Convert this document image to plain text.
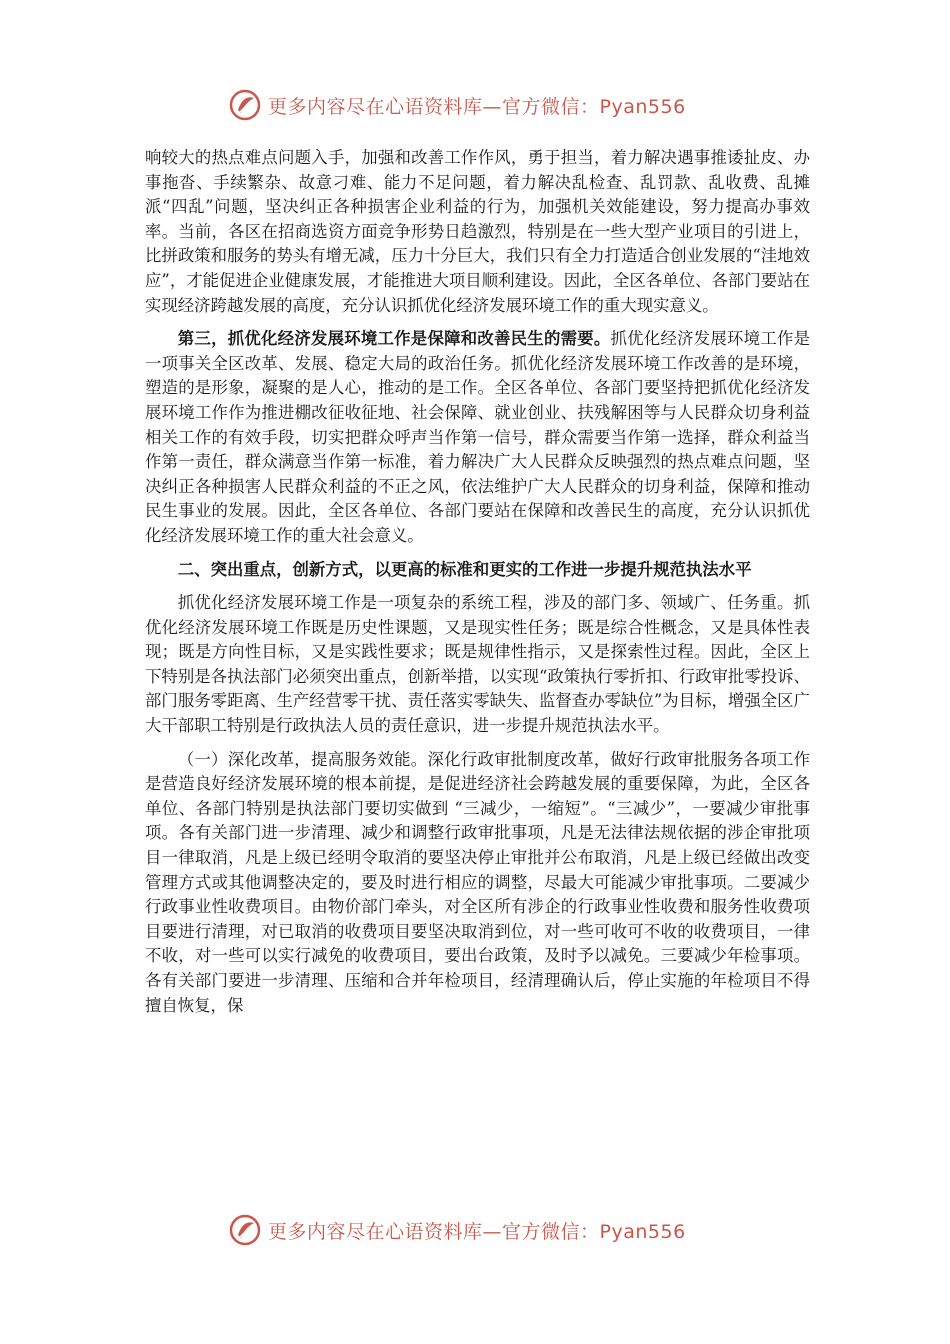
更多内容尽在心语资料库—官方微信：Pyan556

响较大的热点难点问题入手，加强和改善工作作风，勇于担当，着力解决遇事推诿扯皮、办事拖沓、手续繁杂、故意刁难、能力不足问题，着力解决乱检查、乱罚款、乱收费、乱摊派“四乱”问题，坚决纠正各种损害企业利益的行为，加强机关效能建设，努力提高办事效率。当前，各区在招商选资方面竞争形势日趋激烈，特别是在一些大型产业项目的引进上，比拼政策和服务的势头有增无减，压力十分巨大，我们只有全力打造适合创业发展的“洼地效应”，才能促进企业健康发展，才能推进大项目顺利建设。因此，全区各单位、各部门要站在实现经济跨越发展的高度，充分认识抓优化经济发展环境工作的重大现实意义。

第三，抓优化经济发展环境工作是保障和改善民生的需要。抓优化经济发展环境工作是一项事关全区改革、发展、稳定大局的政治任务。抓优化经济发展环境工作改善的是环境，塑造的是形象，凝聚的是人心，推动的是工作。全区各单位、各部门要坚持把抓优化经济发展环境工作作为推进棚改征收征地、社会保障、就业创业、扶残解困等与人民群众切身利益相关工作的有效手段，切实把群众呼声当作第一信号，群众需要当作第一选择，群众利益当作第一责任，群众满意当作第一标准，着力解决广大人民群众反映强烈的热点难点问题，坚决纠正各种损害人民群众利益的不正之风，依法维护广大人民群众的切身利益，保障和推动民生事业的发展。因此，全区各单位、各部门要站在保障和改善民生的高度，充分认识抓优化经济发展环境工作的重大社会意义。

二、突出重点，创新方式，以更高的标准和更实的工作进一步提升规范执法水平

抓优化经济发展环境工作是一项复杂的系统工程，涉及的部门多、领域广、任务重。抓优化经济发展环境工作既是历史性课题，又是现实性任务；既是综合性概念，又是具体性表现；既是方向性目标，又是实践性要求；既是规律性指示，又是探索性过程。因此，全区上下特别是各执法部门必须突出重点，创新举措，以实现“政策执行零折扣、行政审批零投诉、部门服务零距离、生产经营零干扰、责任落实零缺失、监督查办零缺位”为目标，增强全区广大干部职工特别是行政执法人员的责任意识，进一步提升规范执法水平。

（一）深化改革，提高服务效能。深化行政审批制度改革，做好行政审批服务各项工作是营造良好经济发展环境的根本前提，是促进经济社会跨越发展的重要保障，为此，全区各单位、各部门特别是执法部门要切实做到 “三减少，一缩短”。“三减少”，一要减少审批事项。各有关部门进一步清理、减少和调整行政审批事项，凡是无法律法规依据的涉企审批项目一律取消，凡是上级已经明令取消的要坚决停止审批并公布取消，凡是上级已经做出改变管理方式或其他调整决定的，要及时进行相应的调整，尽最大可能减少审批事项。二要减少行政事业性收费项目。由物价部门牵头，对全区所有涉企的行政事业性收费和服务性收费项目要进行清理，对已取消的收费项目要坚决取消到位，对一些可收可不收的收费项目，一律不收，对一些可以实行减免的收费项目，要出台政策，及时予以减免。三要减少年检事项。各有关部门要进一步清理、压缩和合并年检项目，经清理确认后，停止实施的年检项目不得擅自恢复，保

更多内容尽在心语资料库—官方微信：Pyan556
